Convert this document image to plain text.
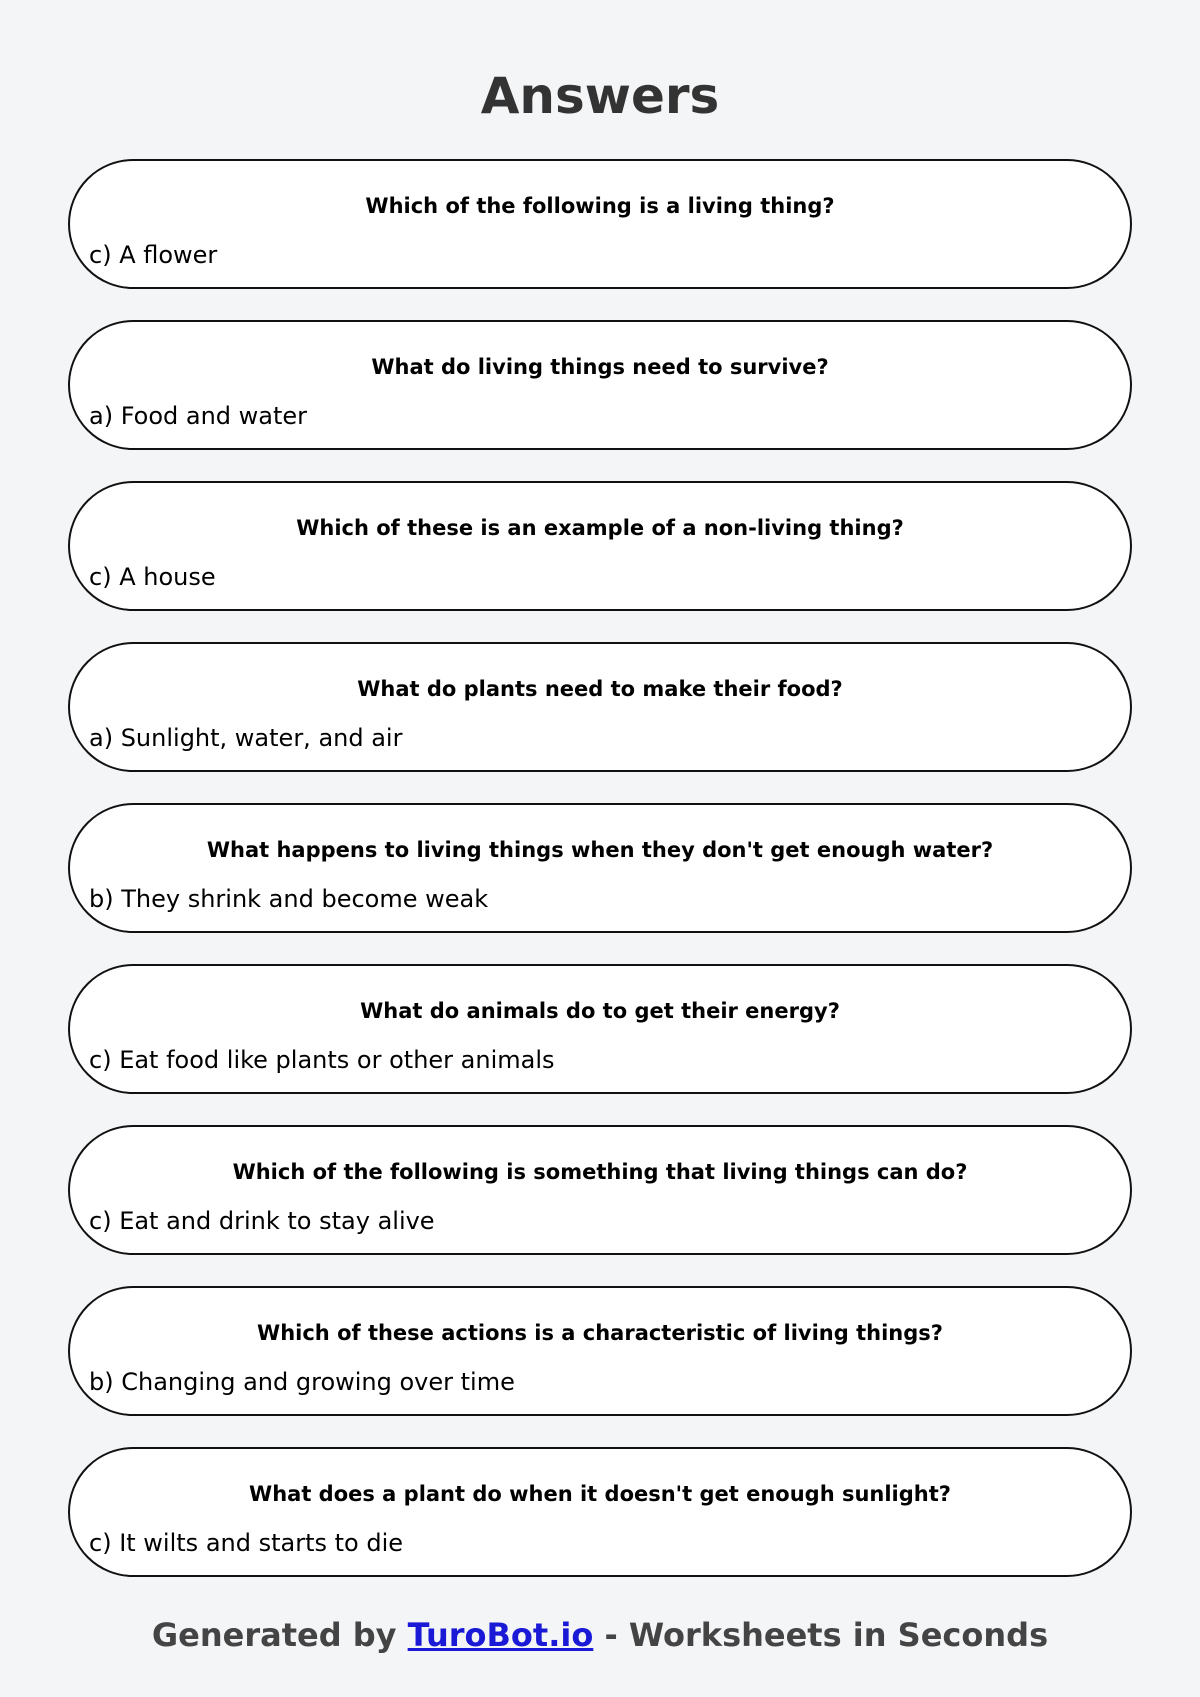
Answers
Which of the following is a living thing?
c) A flower
What do living things need to survive?
a) Food and water
Which of these is an example of a non-living thing?
c) A house
What do plants need to make their food?
a) Sunlight, water, and air
What happens to living things when they don't get enough water?
b) They shrink and become weak
What do animals do to get their energy?
c) Eat food like plants or other animals
Which of the following is something that living things can do?
c) Eat and drink to stay alive
Which of these actions is a characteristic of living things?
b) Changing and growing over time
What does a plant do when it doesn't get enough sunlight?
c) It wilts and starts to die
Generated by TuroBot.io - Worksheets in Seconds
